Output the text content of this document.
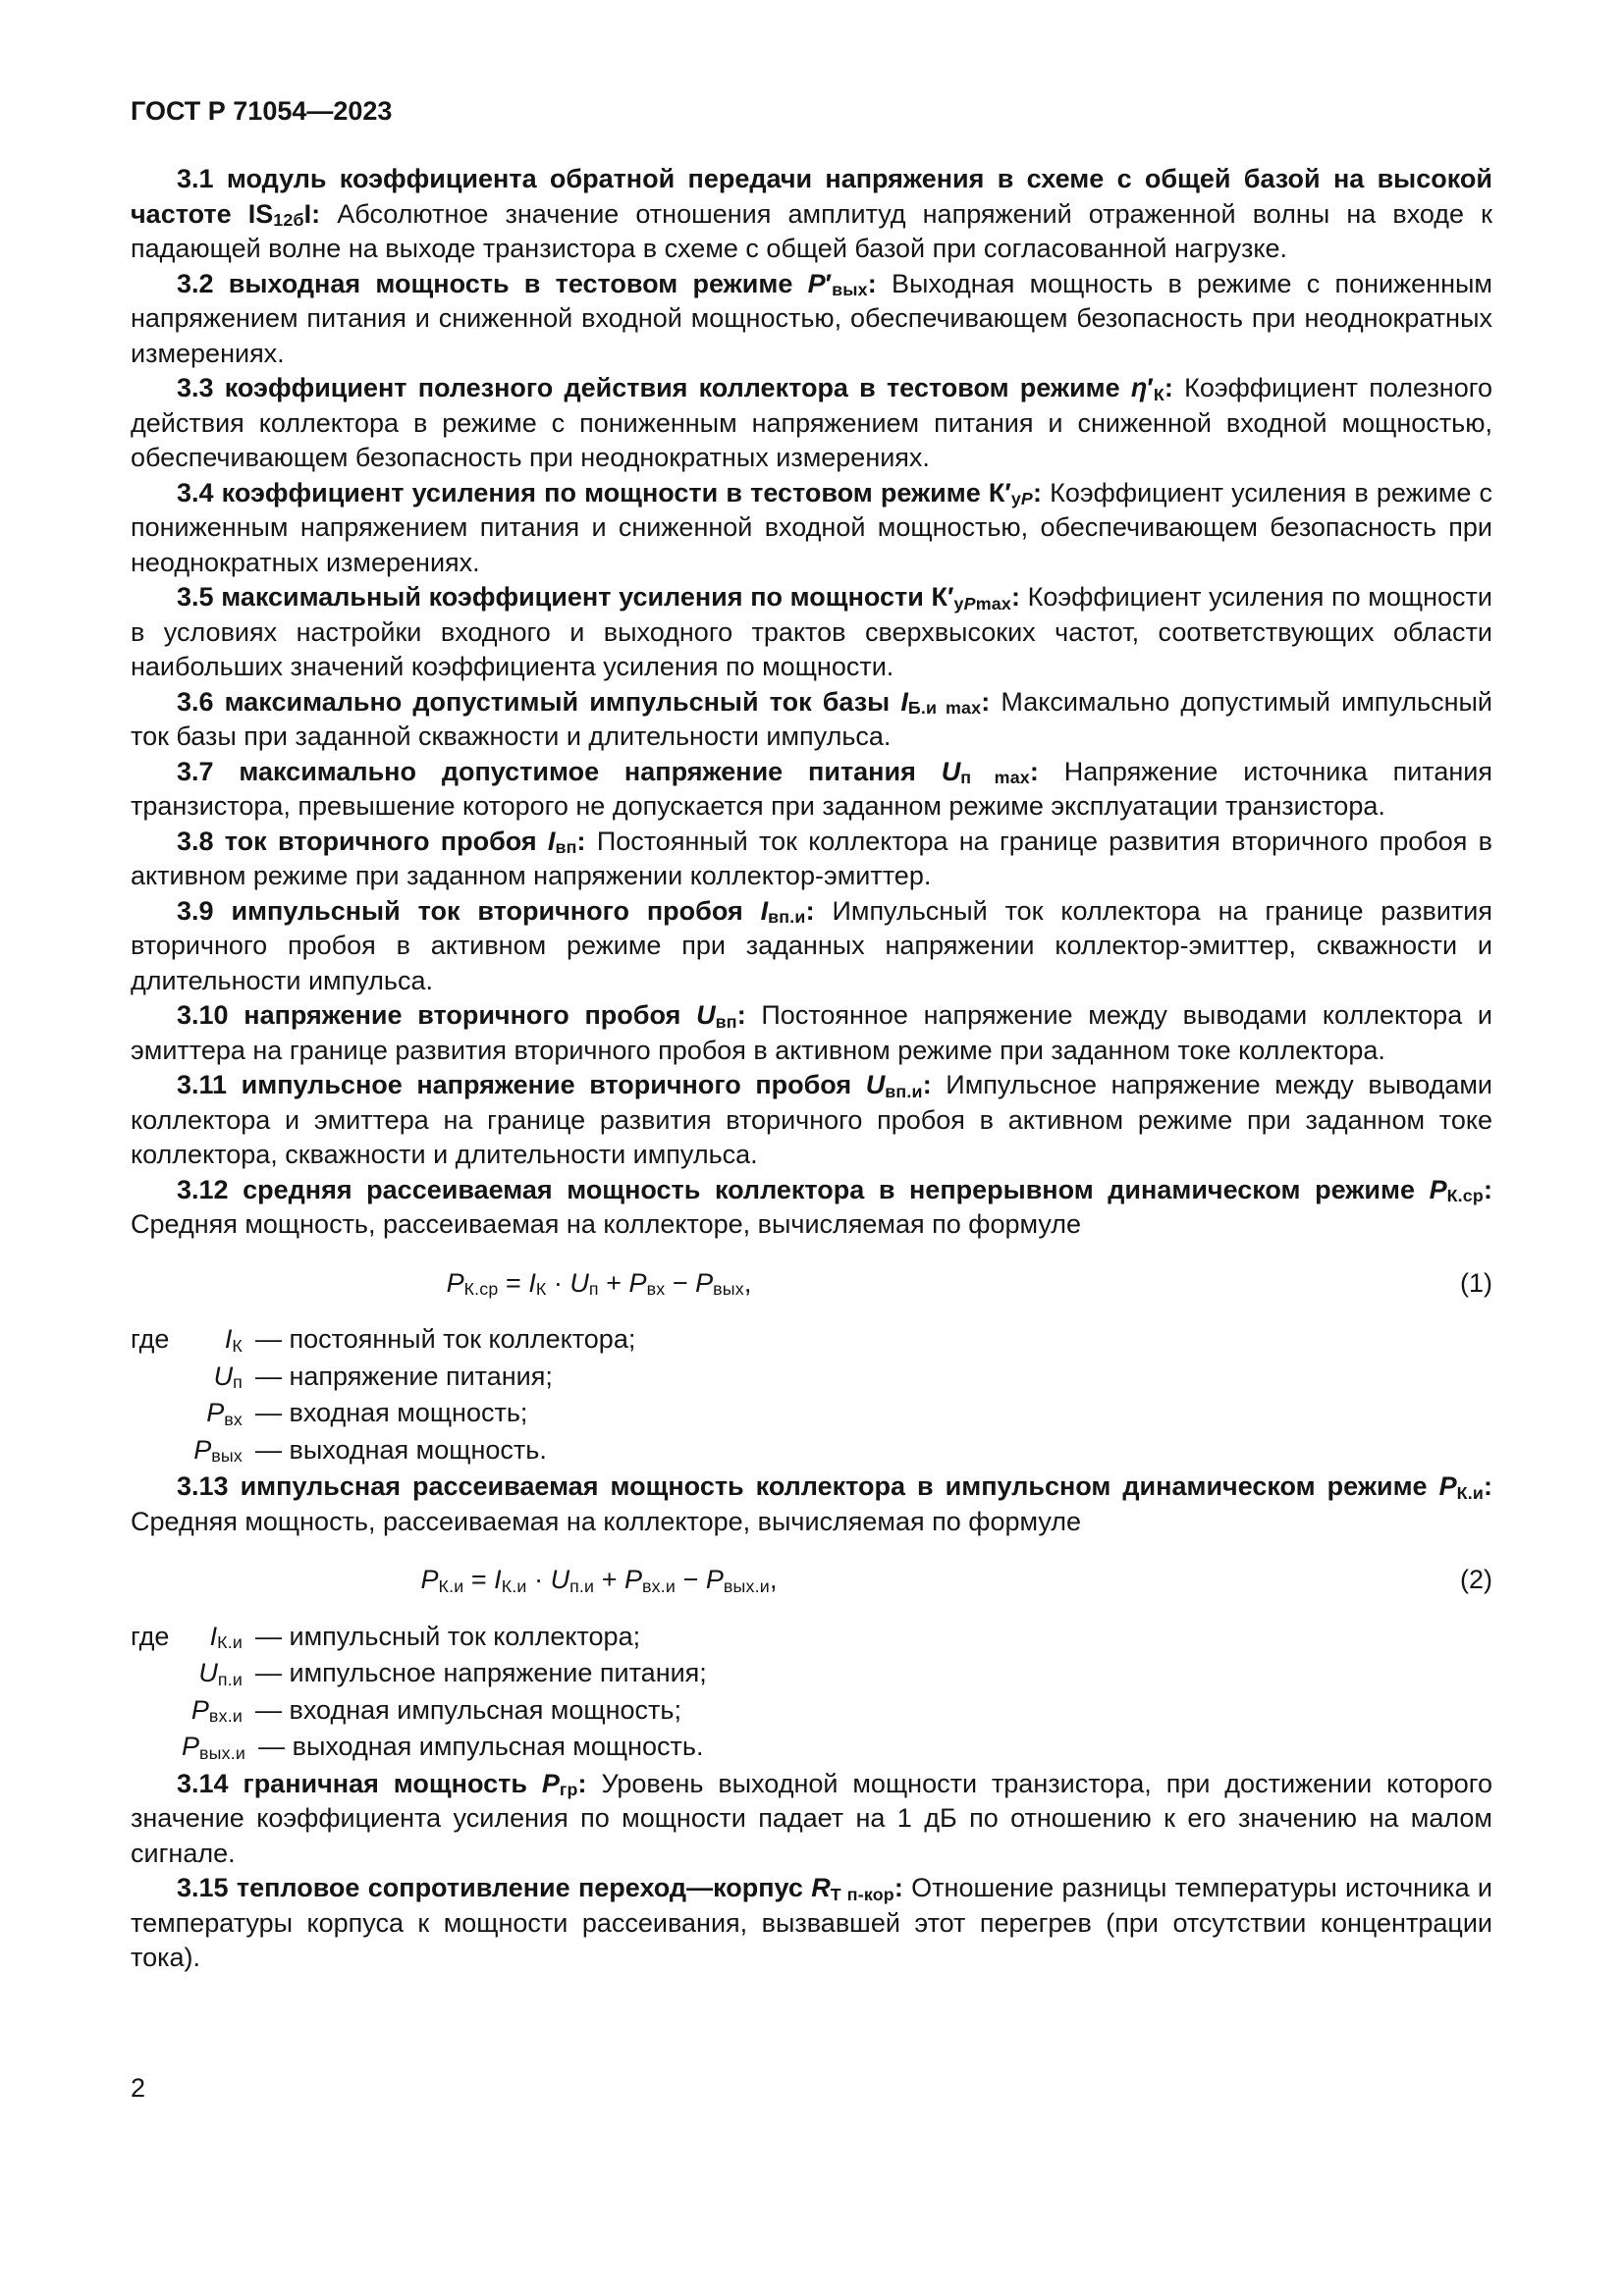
ГОСТ Р 71054—2023

3.1 модуль коэффициента обратной передачи напряжения в схеме с общей базой на высокой частоте $IS_{12б}I$: Абсолютное значение отношения амплитуд напряжений отраженной волны на входе к падающей волне на выходе транзистора в схеме с общей базой при согласованной нагрузке.

3.2 выходная мощность в тестовом режиме $P'_{вых}$: Выходная мощность в режиме с пониженным напряжением питания и сниженной входной мощностью, обеспечивающем безопасность при неоднократных измерениях.

3.3 коэффициент полезного действия коллектора в тестовом режиме $\eta'_К$: Коэффициент полезного действия коллектора в режиме с пониженным напряжением питания и сниженной входной мощностью, обеспечивающем безопасность при неоднократных измерениях.

3.4 коэффициент усиления по мощности в тестовом режиме $К'_{уР}$: Коэффициент усиления в режиме с пониженным напряжением питания и сниженной входной мощностью, обеспечивающем безопасность при неоднократных измерениях.

3.5 максимальный коэффициент усиления по мощности $К'_{уРmax}$: Коэффициент усиления по мощности в условиях настройки входного и выходного трактов сверхвысоких частот, соответствующих области наибольших значений коэффициента усиления по мощности.

3.6 максимально допустимый импульсный ток базы $I_{Б.и max}$: Максимально допустимый импульсный ток базы при заданной скважности и длительности импульса.

3.7 максимально допустимое напряжение питания $U_{п max}$: Напряжение источника питания транзистора, превышение которого не допускается при заданном режиме эксплуатации транзистора.

3.8 ток вторичного пробоя $I_{вп}$: Постоянный ток коллектора на границе развития вторичного пробоя в активном режиме при заданном напряжении коллектор-эмиттер.

3.9 импульсный ток вторичного пробоя $I_{вп.и}$: Импульсный ток коллектора на границе развития вторичного пробоя в активном режиме при заданных напряжении коллектор-эмиттер, скважности и длительности импульса.

3.10 напряжение вторичного пробоя $U_{вп}$: Постоянное напряжение между выводами коллектора и эмиттера на границе развития вторичного пробоя в активном режиме при заданном токе коллектора.

3.11 импульсное напряжение вторичного пробоя $U_{вп.и}$: Импульсное напряжение между выводами коллектора и эмиттера на границе развития вторичного пробоя в активном режиме при заданном токе коллектора, скважности и длительности импульса.

3.12 средняя рассеиваемая мощность коллектора в непрерывном динамическом режиме $P_{К.ср}$: Средняя мощность, рассеиваемая на коллекторе, вычисляемая по формуле

$P_{К.ср} = I_К \cdot U_п + P_{вх} - P_{вых}$,	(1)
где	$I_К$ — постоянный ток коллектора;
$U_п$ — напряжение питания;
$P_{вх}$ — входная мощность;
$P_{вых}$ — выходная мощность.

3.13 импульсная рассеиваемая мощность коллектора в импульсном динамическом режиме $P_{К.и}$: Средняя мощность, рассеиваемая на коллекторе, вычисляемая по формуле

$P_{К.и} = I_{К.и} \cdot U_{п.и} + P_{вх.и} - P_{вых.и}$,	(2)
где	$I_{К.и}$ — импульсный ток коллектора;
$U_{п.и}$ — импульсное напряжение питания;
$P_{вх.и}$ — входная импульсная мощность;
$P_{вых.и}$ — выходная импульсная мощность.

3.14 граничная мощность $P_{гр}$: Уровень выходной мощности транзистора, при достижении которого значение коэффициента усиления по мощности падает на 1 дБ по отношению к его значению на малом сигнале.

3.15 тепловое сопротивление переход—корпус $R_{Т п-кор}$: Отношение разницы температуры источника и температуры корпуса к мощности рассеивания, вызвавшей этот перегрев (при отсутствии концентрации тока).

2
